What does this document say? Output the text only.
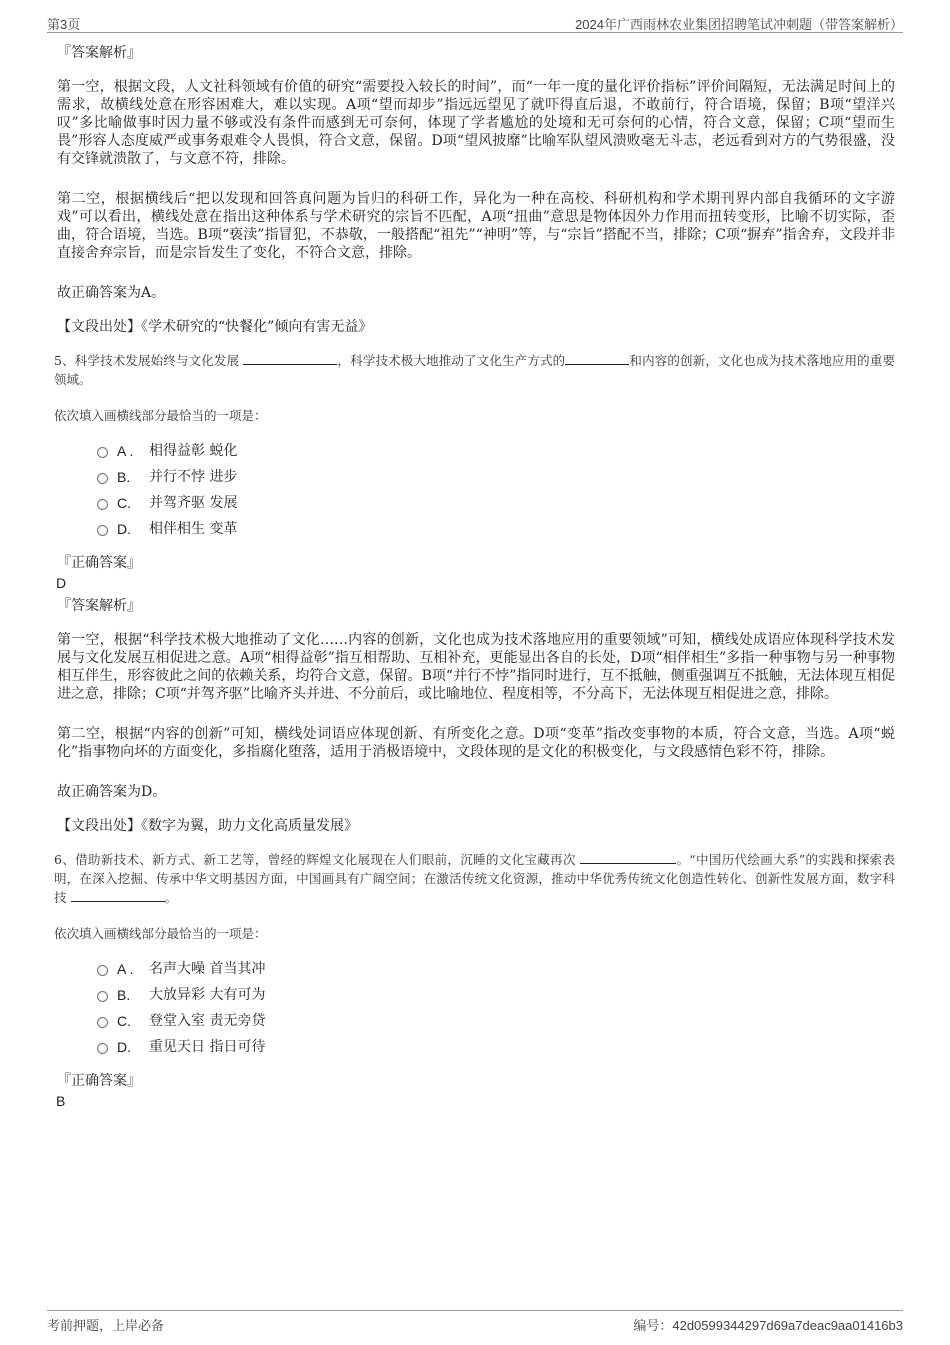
第3页	2024年广西雨林农业集团招聘笔试冲刺题（带答案解析）
『答案解析』

第一空，根据文段，人文社科领域有价值的研究“需要投入较长的时间”，而“一年一度的量化评价指标”评价间隔短，无法满足时间上的需求，故横线处意在形容困难大，难以实现。A项“望而却步”指远远望见了就吓得直后退，不敢前行，符合语境，保留；B项“望洋兴叹”多比喻做事时因力量不够或没有条件而感到无可奈何，体现了学者尴尬的处境和无可奈何的心情，符合文意，保留；C项“望而生畏”形容人态度威严或事务艰难令人畏惧，符合文意，保留。D项“望风披靡”比喻军队望风溃败毫无斗志，老远看到对方的气势很盛，没有交锋就溃散了，与文意不符，排除。

第二空，根据横线后“把以发现和回答真问题为旨归的科研工作，异化为一种在高校、科研机构和学术期刊界内部自我循环的文字游戏”可以看出，横线处意在指出这种体系与学术研究的宗旨不匹配，A项“扭曲”意思是物体因外力作用而扭转变形，比喻不切实际，歪曲，符合语境，当选。B项“亵渎”指冒犯，不恭敬，一般搭配“祖先”“神明”等，与“宗旨”搭配不当，排除；C项“摒弃”指舍弃，文段并非直接舍弃宗旨，而是宗旨发生了变化，不符合文意，排除。

故正确答案为A。

【文段出处】《学术研究的“快餐化”倾向有害无益》

5、科学技术发展始终与文化发展	，科学技术极大地推动了文化生产方式的	和内容的创新，文化也成为技术落地应用的重要领域。

依次填入画横线部分最恰当的一项是：

A .	相得益彰 蜕化
B.	并行不悖 进步
C.	并驾齐驱 发展
D.	相伴相生 变革
『正确答案』
D
『答案解析』

第一空，根据“科学技术极大地推动了文化……内容的创新，文化也成为技术落地应用的重要领域”可知，横线处成语应体现科学技术发展与文化发展互相促进之意。A项“相得益彰”指互相帮助、互相补充，更能显出各自的长处，D项“相伴相生”多指一种事物与另一种事物相互伴生，形容彼此之间的依赖关系，均符合文意，保留。B项“并行不悖”指同时进行，互不抵触，侧重强调互不抵触，无法体现互相促进之意，排除；C项“并驾齐驱”比喻齐头并进、不分前后，或比喻地位、程度相等，不分高下，无法体现互相促进之意，排除。

第二空，根据“内容的创新”可知，横线处词语应体现创新、有所变化之意。D项“变革”指改变事物的本质，符合文意，当选。A项“蜕化”指事物向坏的方面变化，多指腐化堕落，适用于消极语境中，文段体现的是文化的积极变化，与文段感情色彩不符，排除。

故正确答案为D。

【文段出处】《数字为翼，助力文化高质量发展》

6、借助新技术、新方式、新工艺等，曾经的辉煌文化展现在人们眼前，沉睡的文化宝藏再次	。“中国历代绘画大系”的实践和探索表明，在深入挖掘、传承中华文明基因方面，中国画具有广阔空间；在激活传统文化资源，推动中华优秀传统文化创造性转化、创新性发展方面，数字科技	。

依次填入画横线部分最恰当的一项是：

A .	名声大噪 首当其冲
B.	大放异彩 大有可为
C.	登堂入室 责无旁贷
D.	重见天日 指日可待
『正确答案』
B
考前押题，上岸必备	编号：42d0599344297d69a7deac9aa01416b3
